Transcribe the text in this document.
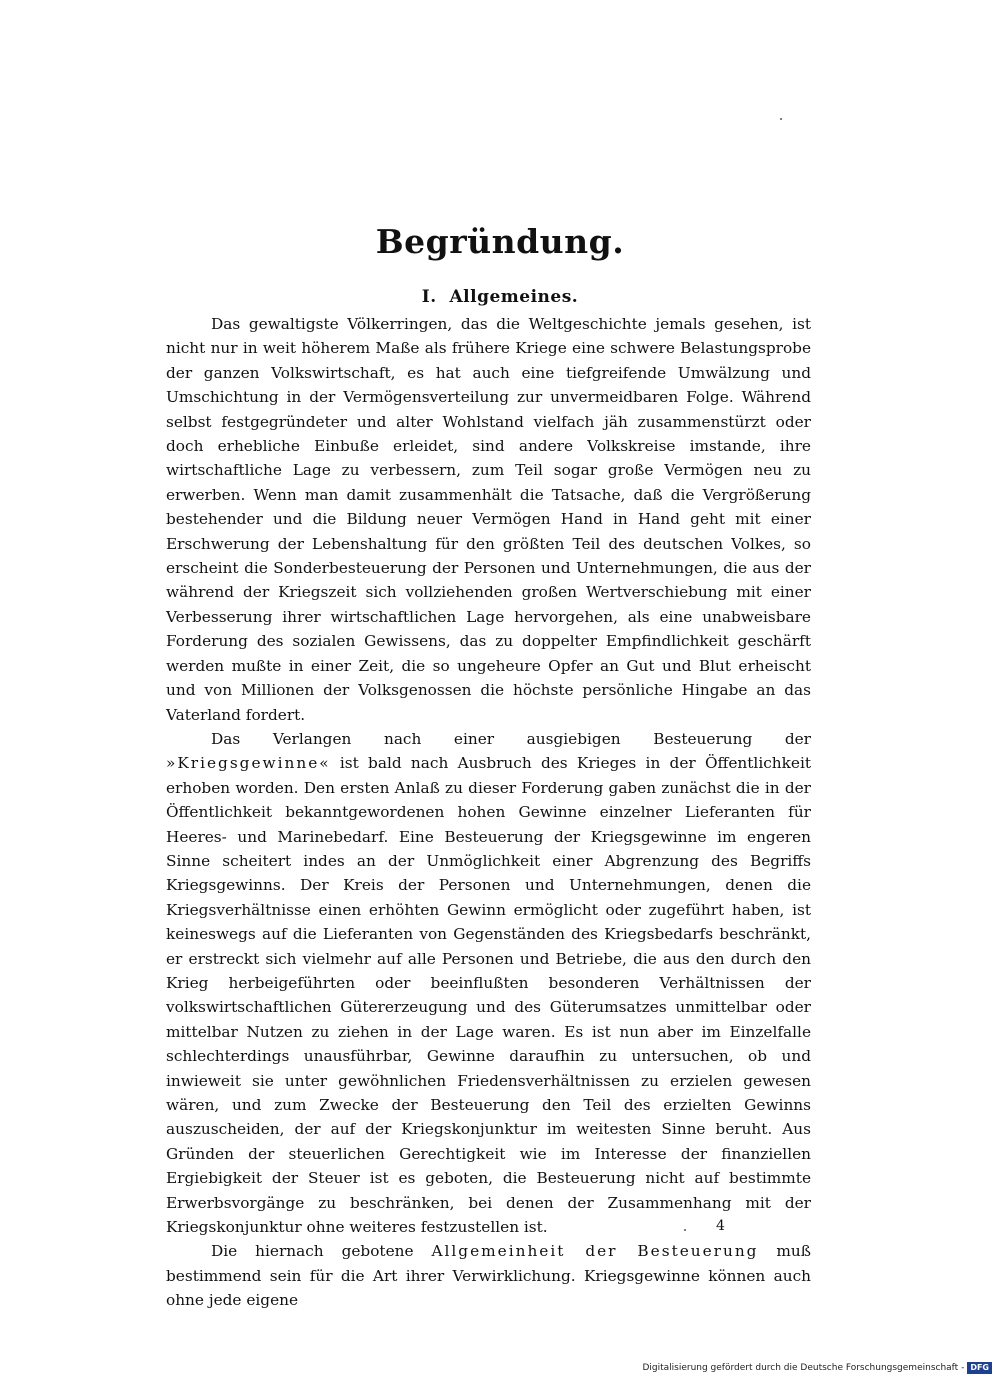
Begründung.
I. Allgemeines.

Das gewaltigste Völkerringen, das die Weltgeschichte jemals gesehen, ist nicht nur in weit höherem Maße als frühere Kriege eine schwere Belastungsprobe der ganzen Volkswirtschaft, es hat auch eine tiefgreifende Umwälzung und Umschichtung in der Vermögensverteilung zur unvermeidbaren Folge. Während selbst festgegründeter und alter Wohlstand vielfach jäh zusammenstürzt oder doch erhebliche Einbuße erleidet, sind andere Volkskreise imstande, ihre wirtschaftliche Lage zu verbessern, zum Teil sogar große Vermögen neu zu erwerben. Wenn man damit zusammenhält die Tatsache, daß die Vergrößerung bestehender und die Bildung neuer Vermögen Hand in Hand geht mit einer Erschwerung der Lebenshaltung für den größten Teil des deutschen Volkes, so erscheint die Sonderbesteuerung der Personen und Unternehmungen, die aus der während der Kriegszeit sich vollziehenden großen Wertverschiebung mit einer Verbesserung ihrer wirtschaftlichen Lage hervorgehen, als eine unabweisbare Forderung des sozialen Gewissens, das zu doppelter Empfindlichkeit geschärft werden mußte in einer Zeit, die so ungeheure Opfer an Gut und Blut erheischt und von Millionen der Volksgenossen die höchste persönliche Hingabe an das Vaterland fordert.

Das Verlangen nach einer ausgiebigen Besteuerung der »Kriegsgewinne« ist bald nach Ausbruch des Krieges in der Öffentlichkeit erhoben worden. Den ersten Anlaß zu dieser Forderung gaben zunächst die in der Öffentlichkeit bekanntgewordenen hohen Gewinne einzelner Lieferanten für Heeres- und Marinebedarf. Eine Besteuerung der Kriegsgewinne im engeren Sinne scheitert indes an der Unmöglichkeit einer Abgrenzung des Begriffs Kriegsgewinns. Der Kreis der Personen und Unternehmungen, denen die Kriegsverhältnisse einen erhöhten Gewinn ermöglicht oder zugeführt haben, ist keineswegs auf die Lieferanten von Gegenständen des Kriegsbedarfs beschränkt, er erstreckt sich vielmehr auf alle Personen und Betriebe, die aus den durch den Krieg herbeigeführten oder beeinflußten besonderen Verhältnissen der volkswirtschaftlichen Gütererzeugung und des Güterumsatzes unmittelbar oder mittelbar Nutzen zu ziehen in der Lage waren. Es ist nun aber im Einzelfalle schlechterdings unausführbar, Gewinne daraufhin zu untersuchen, ob und inwieweit sie unter gewöhnlichen Friedensverhältnissen zu erzielen gewesen wären, und zum Zwecke der Besteuerung den Teil des erzielten Gewinns auszuscheiden, der auf der Kriegskonjunktur im weitesten Sinne beruht. Aus Gründen der steuerlichen Gerechtigkeit wie im Interesse der finanziellen Ergiebigkeit der Steuer ist es geboten, die Besteuerung nicht auf bestimmte Erwerbsvorgänge zu beschränken, bei denen der Zusammenhang mit der Kriegskonjunktur ohne weiteres festzustellen ist.

Die hiernach gebotene Allgemeinheit der Besteuerung muß bestimmend sein für die Art ihrer Verwirklichung. Kriegsgewinne können auch ohne jede eigene

4
Digitalisierung gefördert durch die Deutsche Forschungsgemeinschaft - DFG
